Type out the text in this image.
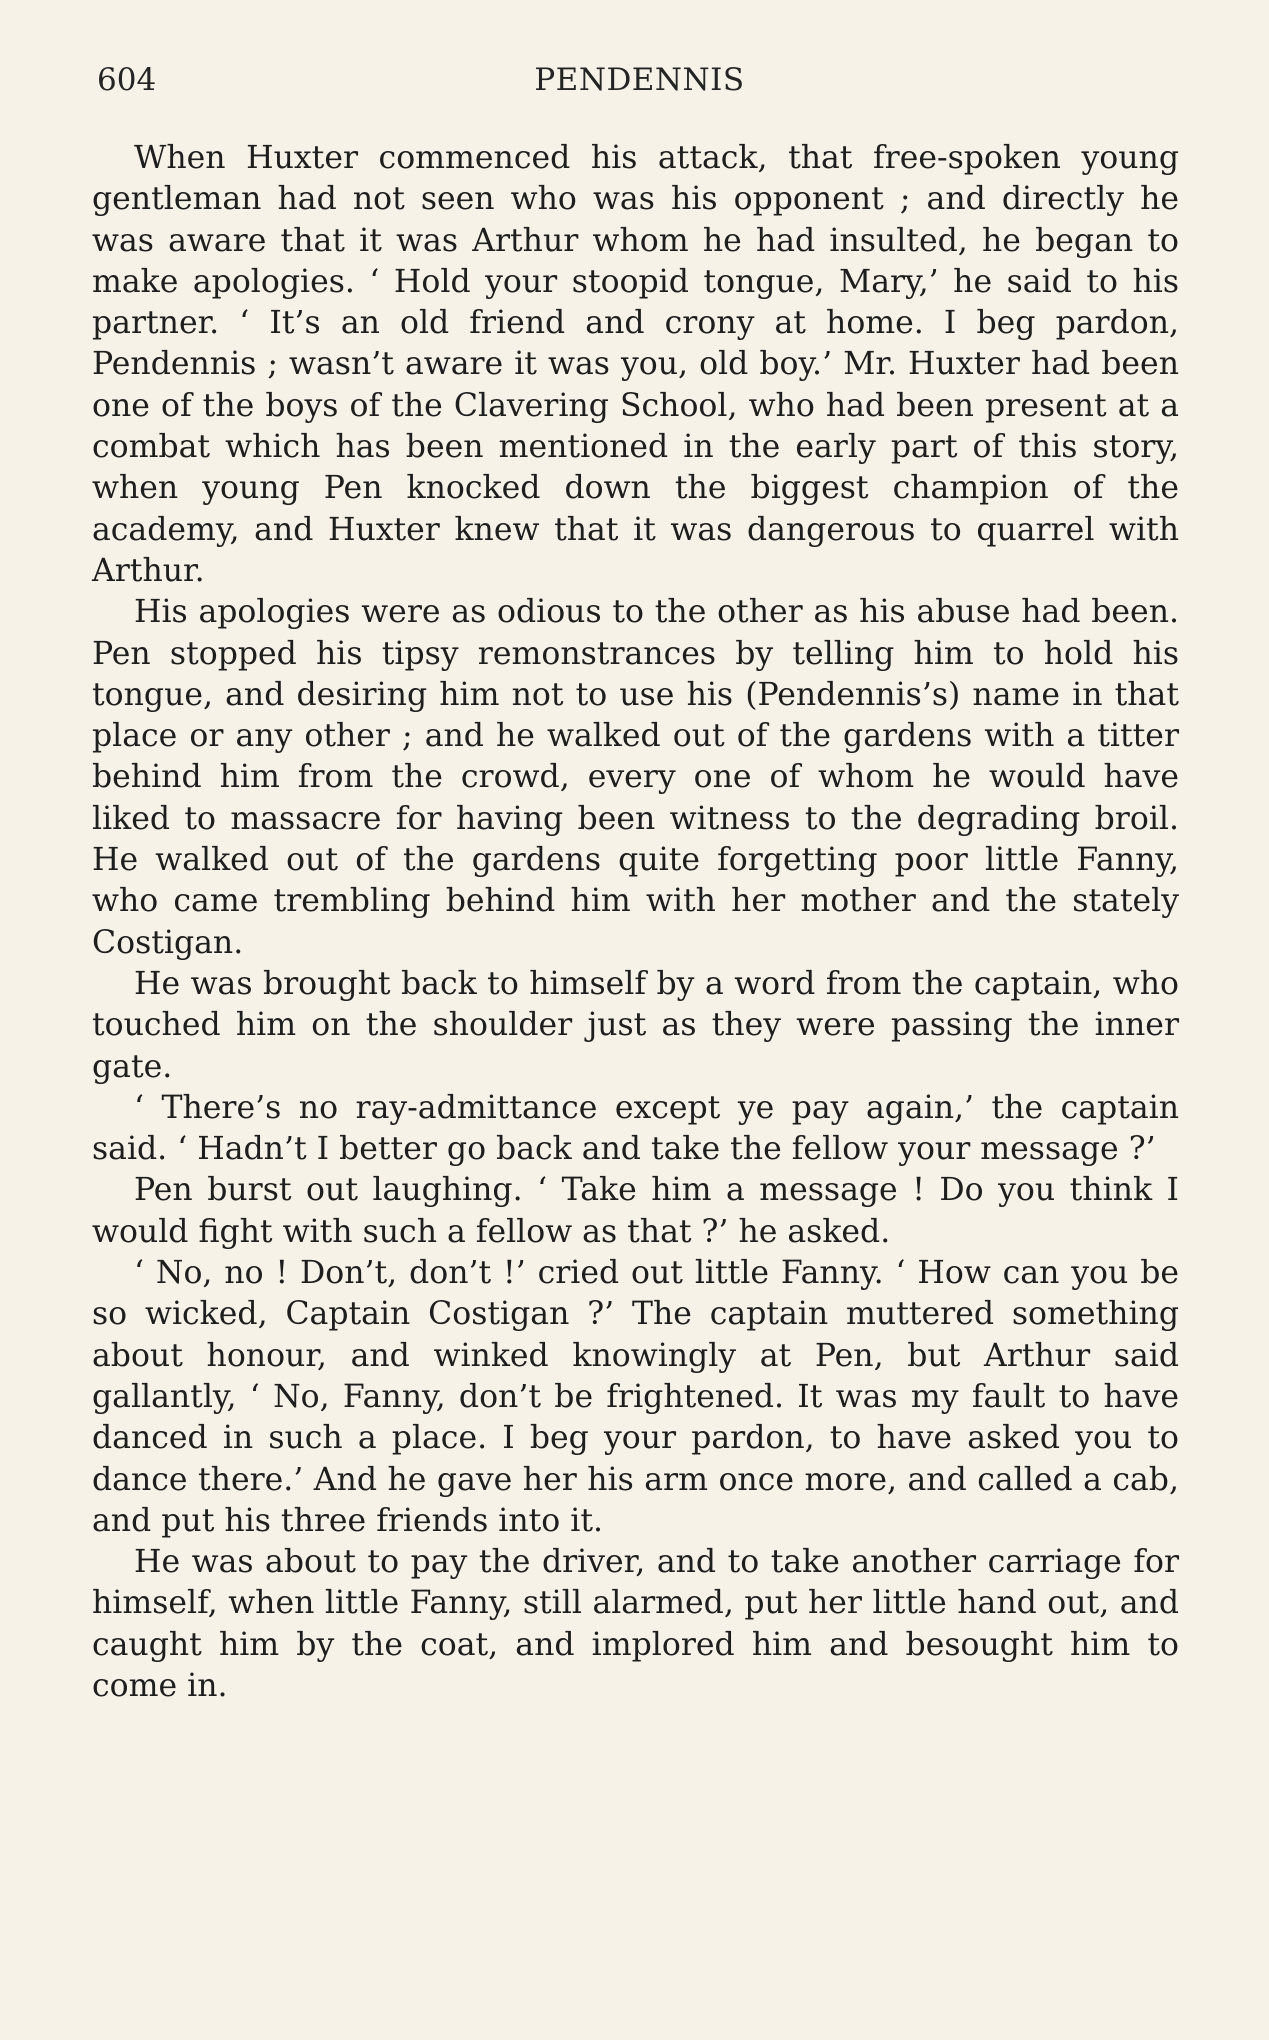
604	PENDENNIS

When Huxter commenced his attack, that free-spoken young gentleman had not seen who was his opponent ; and directly he was aware that it was Arthur whom he had insulted, he began to make apologies. ‘ Hold your stoopid tongue, Mary,’ he said to his partner. ‘ It’s an old friend and crony at home. I beg pardon, Pendennis ; wasn’t aware it was you, old boy.’ Mr. Huxter had been one of the boys of the Clavering School, who had been present at a combat which has been mentioned in the early part of this story, when young Pen knocked down the biggest champion of the academy, and Huxter knew that it was dangerous to quarrel with Arthur.

His apologies were as odious to the other as his abuse had been. Pen stopped his tipsy remonstrances by telling him to hold his tongue, and desiring him not to use his (Pendennis’s) name in that place or any other ; and he walked out of the gardens with a titter behind him from the crowd, every one of whom he would have liked to massacre for having been witness to the degrading broil. He walked out of the gardens quite forgetting poor little Fanny, who came trembling behind him with her mother and the stately Costigan.

He was brought back to himself by a word from the captain, who touched him on the shoulder just as they were passing the inner gate.

‘ There’s no ray-admittance except ye pay again,’ the captain said. ‘ Hadn’t I better go back and take the fellow your message ?’

Pen burst out laughing. ‘ Take him a message ! Do you think I would fight with such a fellow as that ?’ he asked.

‘ No, no ! Don’t, don’t !’ cried out little Fanny. ‘ How can you be so wicked, Captain Costigan ?’ The captain muttered something about honour, and winked knowingly at Pen, but Arthur said gallantly, ‘ No, Fanny, don’t be frightened. It was my fault to have danced in such a place. I beg your pardon, to have asked you to dance there.’ And he gave her his arm once more, and called a cab, and put his three friends into it.

He was about to pay the driver, and to take another carriage for himself, when little Fanny, still alarmed, put her little hand out, and caught him by the coat, and implored him and besought him to come in.
